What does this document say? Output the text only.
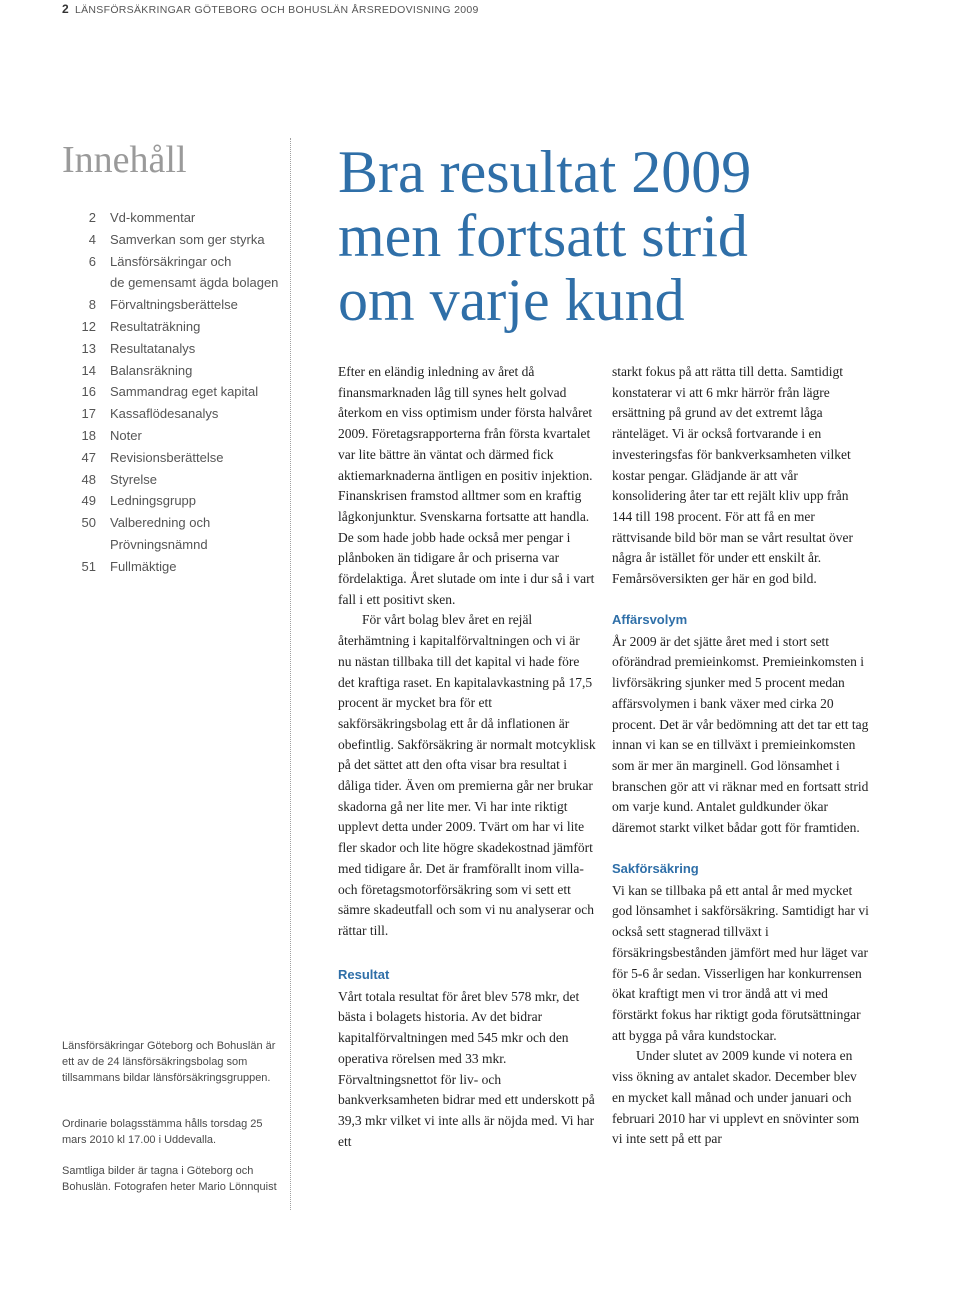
2 LÄNSFÖRSÄKRINGAR GÖTEBORG OCH BOHUSLÄN ÅRSREDOVISNING 2009
Innehåll
2	Vd-kommentar
4	Samverkan som ger styrka
6	Länsförsäkringar och
de gemensamt ägda bolagen
8	Förvaltningsberättelse
12	Resultaträkning
13	Resultatanalys
14	Balansräkning
16	Sammandrag eget kapital
17	Kassaflödesanalys
18	Noter
47	Revisionsberättelse
48	Styrelse
49	Ledningsgrupp
50	Valberedning och
Prövningsnämnd
51	Fullmäktige

Länsförsäkringar Göteborg och Bohuslän är ett av de 24 länsförsäkringsbolag som tillsammans bildar länsförsäkringsgruppen.

Ordinarie bolagsstämma hålls torsdag 25 mars 2010 kl 17.00 i Uddevalla.

Samtliga bilder är tagna i Göteborg och Bohuslän. Fotografen heter Mario Lönnquist

Bra resultat 2009
men fortsatt strid
om varje kund

Efter en eländig inledning av året då finansmarknaden låg till synes helt golvad återkom en viss optimism under första halvåret 2009. Företagsrapporterna från första kvartalet var lite bättre än väntat och därmed fick aktiemarknaderna äntligen en positiv injektion. Finanskrisen framstod alltmer som en kraftig lågkonjunktur. Svenskarna fortsatte att handla. De som hade jobb hade också mer pengar i plånboken än tidigare år och priserna var fördelaktiga. Året slutade om inte i dur så i vart fall i ett positivt sken.

För vårt bolag blev året en rejäl återhämtning i kapitalförvaltningen och vi är nu nästan tillbaka till det kapital vi hade före det kraftiga raset. En kapitalavkastning på 17,5 procent är mycket bra för ett sakförsäkringsbolag ett år då inflationen är obefintlig. Sakförsäkring är normalt motcyklisk på det sättet att den ofta visar bra resultat i dåliga tider. Även om premierna går ner brukar skadorna gå ner lite mer. Vi har inte riktigt upplevt detta under 2009. Tvärt om har vi lite fler skador och lite högre skadekostnad jämfört med tidigare år. Det är framförallt inom villa- och företagsmotorförsäkring som vi sett ett sämre skadeutfall och som vi nu analyserar och rättar till.

Resultat

Vårt totala resultat för året blev 578 mkr, det bästa i bolagets historia. Av det bidrar kapitalförvaltningen med 545 mkr och den operativa rörelsen med 33 mkr. Förvaltningsnettot för liv- och bankverksamheten bidrar med ett underskott på 39,3 mkr vilket vi inte alls är nöjda med. Vi har ett

starkt fokus på att rätta till detta. Samtidigt konstaterar vi att 6 mkr härrör från lägre ersättning på grund av det extremt låga ränteläget. Vi är också fortvarande i en investeringsfas för bankverksamheten vilket kostar pengar. Glädjande är att vår konsolidering åter tar ett rejält kliv upp från 144 till 198 procent. För att få en mer rättvisande bild bör man se vårt resultat över några år istället för under ett enskilt år. Femårsöversikten ger här en god bild.

Affärsvolym

År 2009 är det sjätte året med i stort sett oförändrad premieinkomst. Premieinkomsten i livförsäkring sjunker med 5 procent medan affärsvolymen i bank växer med cirka 20 procent. Det är vår bedömning att det tar ett tag innan vi kan se en tillväxt i premieinkomsten som är mer än marginell. God lönsamhet i branschen gör att vi räknar med en fortsatt strid om varje kund. Antalet guldkunder ökar däremot starkt vilket bådar gott för framtiden.

Sakförsäkring

Vi kan se tillbaka på ett antal år med mycket god lönsamhet i sakförsäkring. Samtidigt har vi också sett stagnerad tillväxt i försäkringsbestånden jämfört med hur läget var för 5-6 år sedan. Visserligen har konkurrensen ökat kraftigt men vi tror ändå att vi med förstärkt fokus har riktigt goda förutsättningar att bygga på våra kundstockar.

Under slutet av 2009 kunde vi notera en viss ökning av antalet skador. December blev en mycket kall månad och under januari och februari 2010 har vi upplevt en snövinter som vi inte sett på ett par
